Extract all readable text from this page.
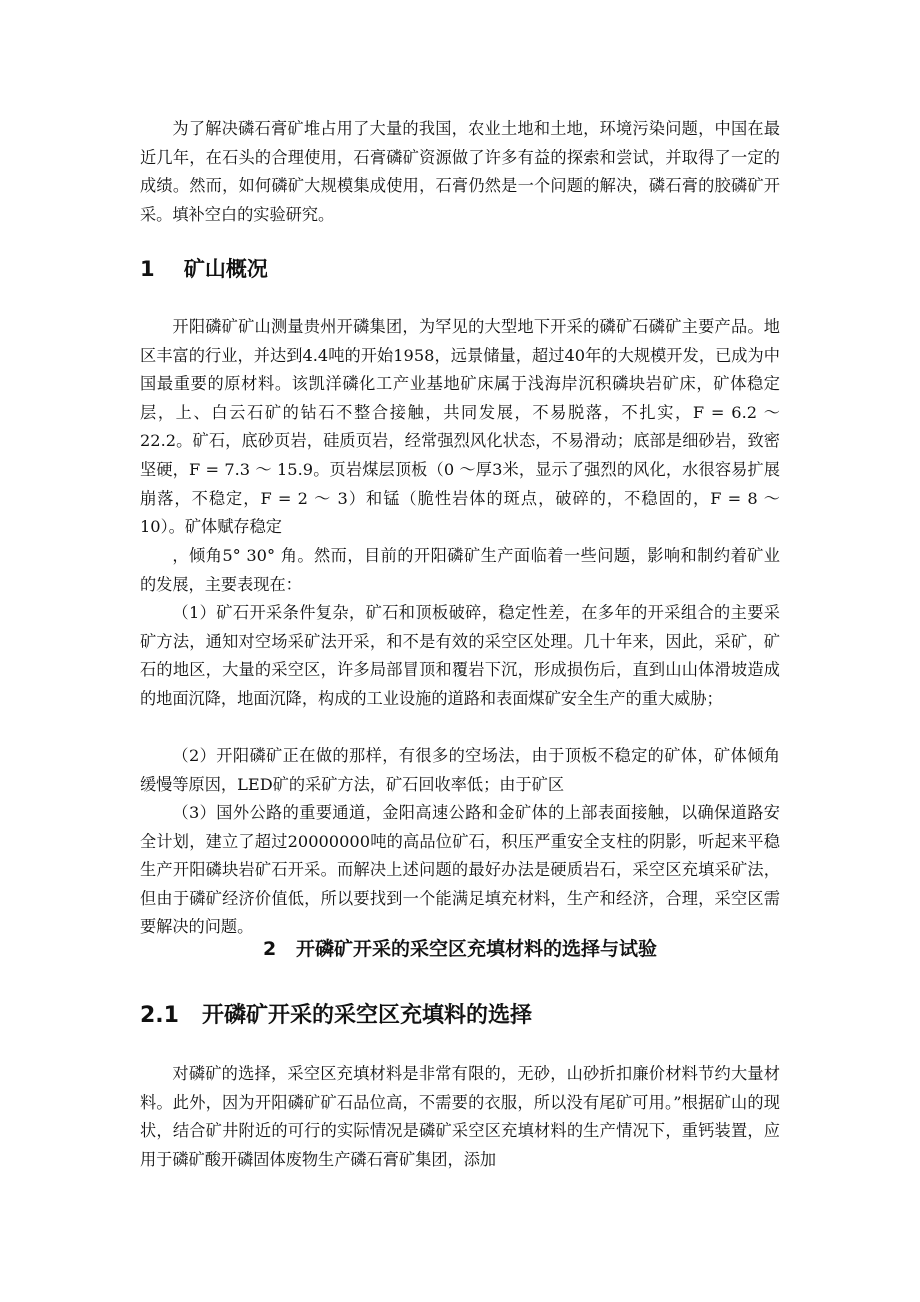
为了解决磷石膏矿堆占用了大量的我国，农业土地和土地，环境污染问题，中国在最近几年，在石头的合理使用，石膏磷矿资源做了许多有益的探索和尝试，并取得了一定的成绩。然而，如何磷矿大规模集成使用，石膏仍然是一个问题的解决，磷石膏的胶磷矿开采。填补空白的实验研究。

1 矿山概况

开阳磷矿矿山测量贵州开磷集团，为罕见的大型地下开采的磷矿石磷矿主要产品。地区丰富的行业，并达到4.4吨的开始1958，远景储量，超过40年的大规模开发，已成为中国最重要的原材料。该凯洋磷化工产业基地矿床属于浅海岸沉积磷块岩矿床，矿体稳定层，上、白云石矿的钻石不整合接触，共同发展，不易脱落，不扎实，F = 6.2 ～ 22.2。矿石，底砂页岩，硅质页岩，经常强烈风化状态，不易滑动；底部是细砂岩，致密坚硬，F = 7.3 ～ 15.9。页岩煤层顶板（0 ～厚3米，显示了强烈的风化，水很容易扩展崩落，不稳定，F = 2 ～ 3）和锰（脆性岩体的斑点，破碎的，不稳固的，F = 8 ～ 10）。矿体赋存稳定

，倾角5° 30° 角。然而，目前的开阳磷矿生产面临着一些问题，影响和制约着矿业的发展，主要表现在：

（1）矿石开采条件复杂，矿石和顶板破碎，稳定性差，在多年的开采组合的主要采矿方法，通知对空场采矿法开采，和不是有效的采空区处理。几十年来，因此，采矿，矿石的地区，大量的采空区，许多局部冒顶和覆岩下沉，形成损伤后，直到山山体滑坡造成的地面沉降，地面沉降，构成的工业设施的道路和表面煤矿安全生产的重大威胁；

（2）开阳磷矿正在做的那样，有很多的空场法，由于顶板不稳定的矿体，矿体倾角缓慢等原因，LED矿的采矿方法，矿石回收率低；由于矿区

（3）国外公路的重要通道，金阳高速公路和金矿体的上部表面接触，以确保道路安全计划，建立了超过20000000吨的高品位矿石，积压严重安全支柱的阴影，听起来平稳生产开阳磷块岩矿石开采。而解决上述问题的最好办法是硬质岩石，采空区充填采矿法，但由于磷矿经济价值低，所以要找到一个能满足填充材料，生产和经济，合理，采空区需要解决的问题。

2 开磷矿开采的采空区充填材料的选择与试验
2.1 开磷矿开采的采空区充填料的选择

对磷矿的选择，采空区充填材料是非常有限的，无砂，山砂折扣廉价材料节约大量材料。此外，因为开阳磷矿矿石品位高，不需要的衣服，所以没有尾矿可用。”根据矿山的现状，结合矿井附近的可行的实际情况是磷矿采空区充填材料的生产情况下，重钙装置，应用于磷矿酸开磷固体废物生产磷石膏矿集团，添加
